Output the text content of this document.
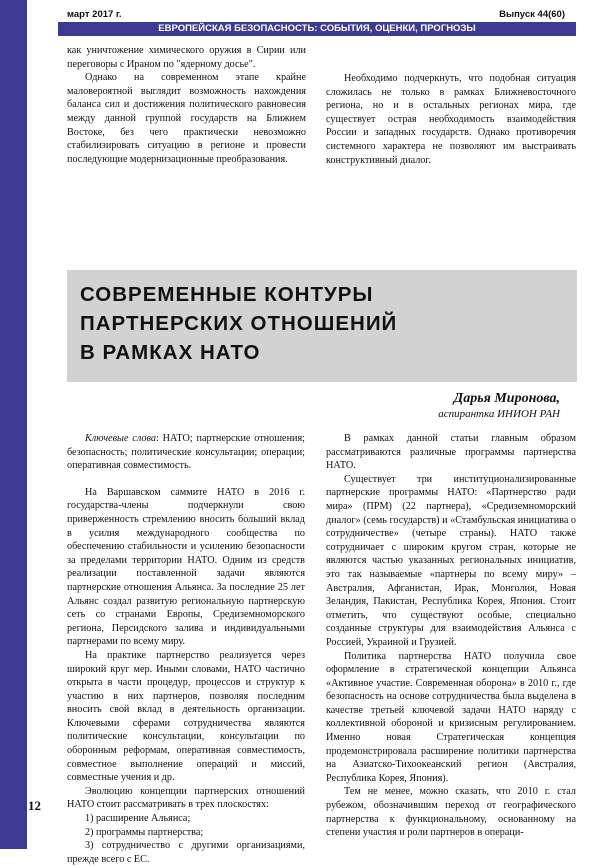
март 2017 г.	Выпуск 44(60)
ЕВРОПЕЙСКАЯ БЕЗОПАСНОСТЬ: СОБЫТИЯ, ОЦЕНКИ, ПРОГНОЗЫ

как уничтожение химического оружия в Сирии или переговоры с Ираном по "ядерному досье".

Однако на современном этапе крайне маловероятной выглядит возможность нахождения баланса сил и достижения политического равновесия между данной группой государств на Ближнем Востоке, без чего практически невозможно стабилизировать ситуацию в регионе и провести последующие модернизационные преобразования.

Необходимо подчеркнуть, что подобная ситуация сложилась не только в рамках Ближневосточного региона, но и в остальных регионах мира, где существует острая необходимость взаимодействия России и западных государств. Однако противоречия системного характера не позволяют им выстраивать конструктивный диалог.

СОВРЕМЕННЫЕ КОНТУРЫ
ПАРТНЕРСКИХ ОТНОШЕНИЙ
В РАМКАХ НАТО
Дарья Миронова,
аспирантка ИНИОН РАН

Ключевые слова: НАТО; партнерские отношения; безопасность; политические консультации; операции; оперативная совместимость.

На Варшавском саммите НАТО в 2016 г. государства-члены подчеркнули свою приверженность стремлению вносить больший вклад в усилия международного сообщества по обеспечению стабильности и усилению безопасности за пределами территории НАТО. Одним из средств реализации поставленной задачи являются партнерские отношения Альянса. За последние 25 лет Альянс создал развитую региональную партнерскую сеть со странами Европы, Средиземноморского региона, Персидского залива и индивидуальными партнерами по всему миру.

На практике партнерство реализуется через широкий круг мер. Иными словами, НАТО частично открыта в части процедур, процессов и структур к участию в них партнеров, позволяя последним вносить свой вклад в деятельность организации. Ключевыми сферами сотрудничества являются политические консультации, консультации по оборонным реформам, оперативная совместимость, совместное выполнение операций и миссий, совместные учения и др.

Эволюцию концепции партнерских отношений НАТО стоит рассматривать в трех плоскостях:

1) расширение Альянса;

2) программы партнерства;

3) сотрудничество с другими организациями, прежде всего с ЕС.

В рамках данной статьи главным образом рассматриваются различные программы партнерства НАТО.

Существует три институционализированные партнерские программы НАТО: «Партнерство ради мира» (ПРМ) (22 партнера), «Средиземноморский диалог» (семь государств) и «Стамбульская инициатива о сотрудничестве» (четыре страны). НАТО также сотрудничает с широким кругом стран, которые не являются частью указанных региональных инициатив, это так называемые «партнеры по всему миру» – Австралия, Афганистан, Ирак, Монголия, Новая Зеландия, Пакистан, Республика Корея, Япония. Стоит отметить, что существуют особые, специально созданные структуры для взаимодействия Альянса с Россией, Украиной и Грузией.

Политика партнерства НАТО получила свое оформление в стратегической концепции Альянса «Активное участие. Современная оборона» в 2010 г., где безопасность на основе сотрудничества была выделена в качестве третьей ключевой задачи НАТО наряду с коллективной обороной и кризисным регулированием. Именно новая Стратегическая концепция продемонстрировала расширение политики партнерства на Азиатско-Тихоокеанский регион (Австралия, Республика Корея, Япония).

Тем не менее, можно сказать, что 2010 г. стал рубежом, обозначившим переход от географического партнерства к функциональному, основанному на степени участия и роли партнеров в операци-

12
